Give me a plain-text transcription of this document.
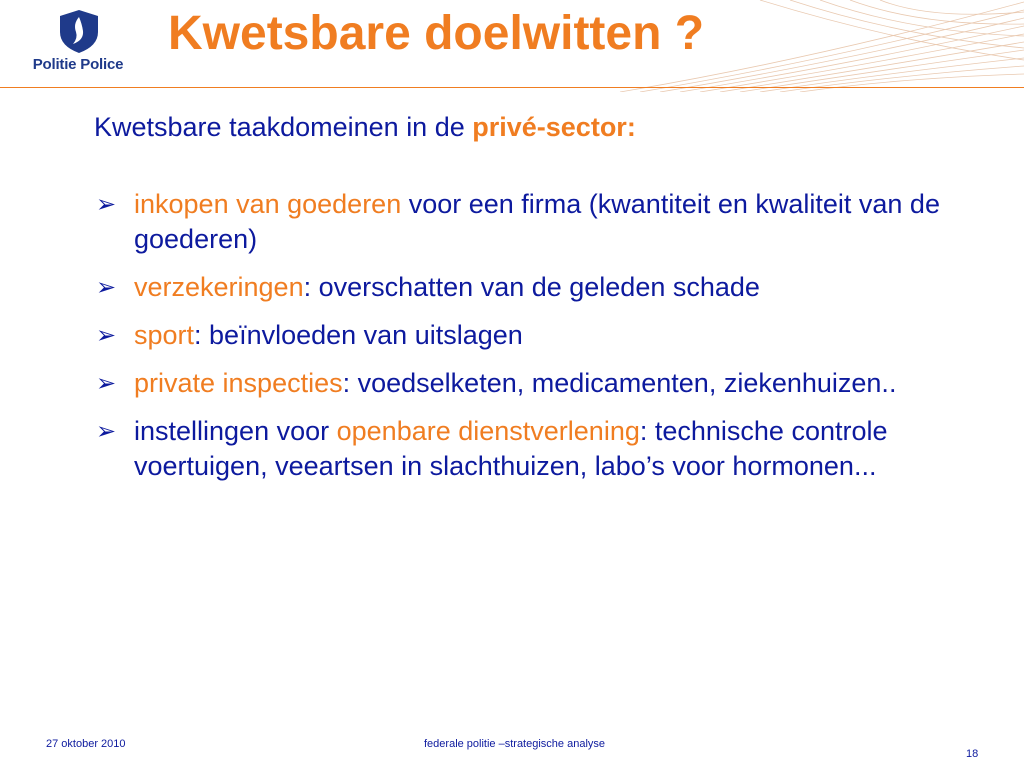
Politie Police
Kwetsbare doelwitten ?

Kwetsbare taakdomeinen in de privé-sector:

➢ inkopen van goederen voor een firma (kwantiteit en kwaliteit van de goederen)
➢ verzekeringen: overschatten van de geleden schade
➢ sport: beïnvloeden van uitslagen
➢ private inspecties: voedselketen, medicamenten, ziekenhuizen..
➢ instellingen voor openbare dienstverlening: technische controle voertuigen, veeartsen in slachthuizen, labo’s voor hormonen...
27 oktober 2010	federale politie –strategische analyse
18
